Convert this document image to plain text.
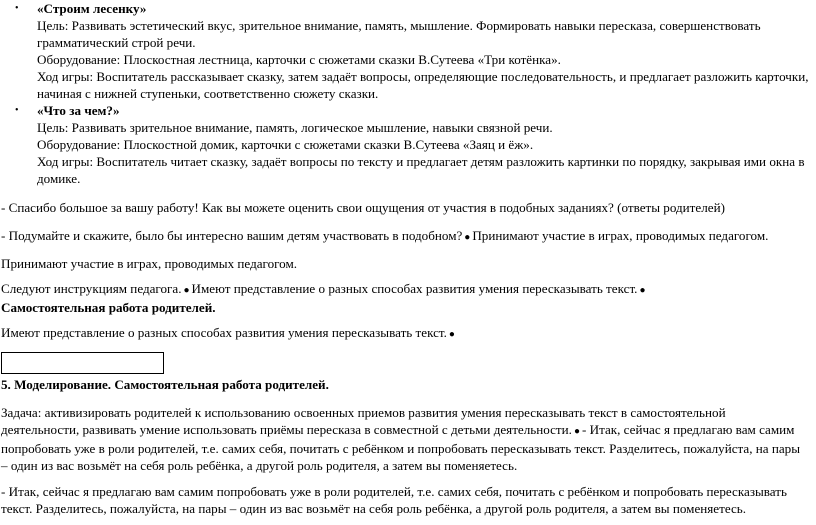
• «Строим лесенку»
Цель: Развивать эстетический вкус, зрительное внимание, память, мышление. Формировать навыки пересказа, совершенствовать грамматический строй речи.
Оборудование: Плоскостная лестница, карточки с сюжетами сказки В.Сутеева «Три котёнка».
Ход игры: Воспитатель рассказывает сказку, затем задаёт вопросы, определяющие последовательность, и предлагает разложить карточки, начиная с нижней ступеньки, соответственно сюжету сказки.
• «Что за чем?»
Цель: Развивать зрительное внимание, память, логическое мышление, навыки связной речи.
Оборудование: Плоскостной домик, карточки с сюжетами сказки В.Сутеева «Заяц и ёж».
Ход игры: Воспитатель читает сказку, задаёт вопросы по тексту и предлагает детям разложить картинки по порядку, закрывая ими окна в домике.

- Спасибо большое за вашу работу! Как вы можете оценить свои ощущения от участия в подобных заданиях? (ответы родителей)

- Подумайте и скажите, было бы интересно вашим детям участвовать в подобном? ● Принимают участие в играх, проводимых педагогом.

Принимают участие в играх, проводимых педагогом.

Следуют инструкциям педагога. ● Имеют представление о разных способах развития умения пересказывать текст. ●
Самостоятельная работа родителей.

Имеют представление о разных способах развития умения пересказывать текст. ●

5. Моделирование. Самостоятельная работа родителей.

Задача: активизировать родителей к использованию освоенных приемов развития умения пересказывать текст в самостоятельной деятельности, развивать умение использовать приёмы пересказа в совместной с детьми деятельности. ● - Итак, сейчас я предлагаю вам самим попробовать уже в роли родителей, т.е. самих себя, почитать с ребёнком и попробовать пересказывать текст. Разделитесь, пожалуйста, на пары – один из вас возьмёт на себя роль ребёнка, а другой роль родителя, а затем вы поменяетесь.

- Итак, сейчас я предлагаю вам самим попробовать уже в роли родителей, т.е. самих себя, почитать с ребёнком и попробовать пересказывать текст. Разделитесь, пожалуйста, на пары – один из вас возьмёт на себя роль ребёнка, а другой роль родителя, а затем вы поменяетесь.
